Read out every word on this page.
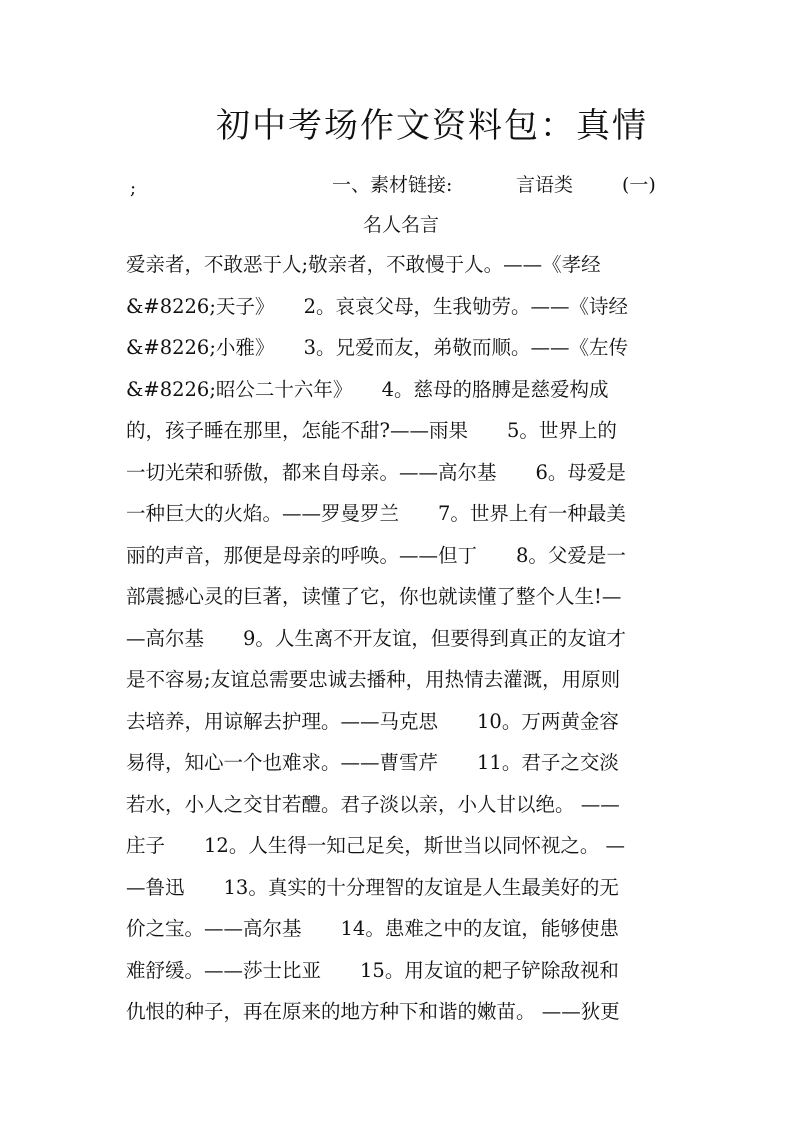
初中考场作文资料包：真情
;	一、素材链接:	言语类	(一)
名人名言
爱亲者，不敢恶于人;敬亲者，不敢慢于人。——《孝经
&#8226;天子》　　2。哀哀父母，生我劬劳。——《诗经
&#8226;小雅》　　3。兄爱而友，弟敬而顺。——《左传
&#8226;昭公二十六年》　　4。慈母的胳膊是慈爱构成
的，孩子睡在那里，怎能不甜?——雨果　　5。世界上的
一切光荣和骄傲，都来自母亲。——高尔基　　6。母爱是
一种巨大的火焰。——罗曼罗兰　　7。世界上有一种最美
丽的声音，那便是母亲的呼唤。——但丁　　8。父爱是一
部震撼心灵的巨著，读懂了它，你也就读懂了整个人生!—
—高尔基　　9。人生离不开友谊，但要得到真正的友谊才
是不容易;友谊总需要忠诚去播种，用热情去灌溉，用原则
去培养，用谅解去护理。——马克思　　10。万两黄金容
易得，知心一个也难求。——曹雪芹　　11。君子之交淡
若水，小人之交甘若醴。君子淡以亲，小人甘以绝。 ——
庄子　　12。人生得一知己足矣，斯世当以同怀视之。 —
—鲁迅　　13。真实的十分理智的友谊是人生最美好的无
价之宝。——高尔基　　14。患难之中的友谊，能够使患
难舒缓。——莎士比亚　　15。用友谊的耙子铲除敌视和
仇恨的种子，再在原来的地方种下和谐的嫩苗。 ——狄更
